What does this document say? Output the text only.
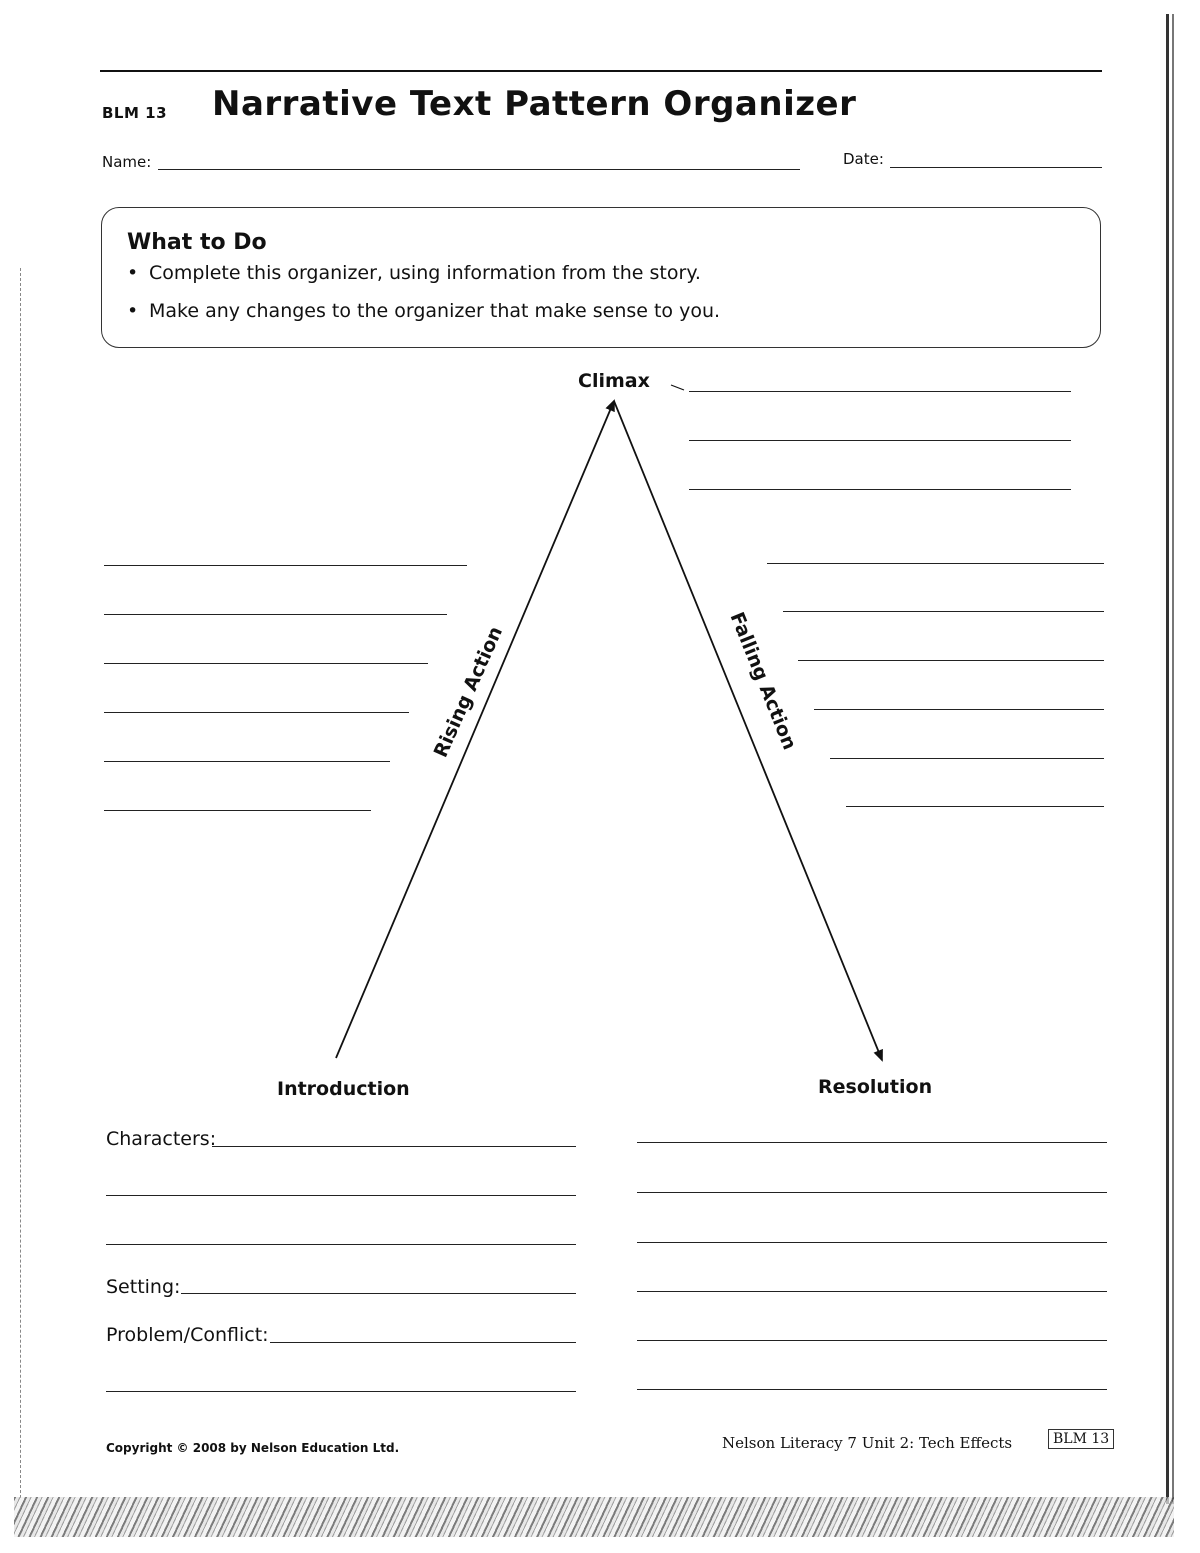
BLM 13 Narrative Text Pattern Organizer
Name:	Date:
What to Do
• Complete this organizer, using information from the story.
• Make any changes to the organizer that make sense to you.
Climax
Rising Action	Falling Action
Introduction	Resolution
Characters:
Setting:
Problem/Conflict:
Copyright © 2008 by Nelson Education Ltd.	Nelson Literacy 7 Unit 2: Tech Effects	BLM 13
